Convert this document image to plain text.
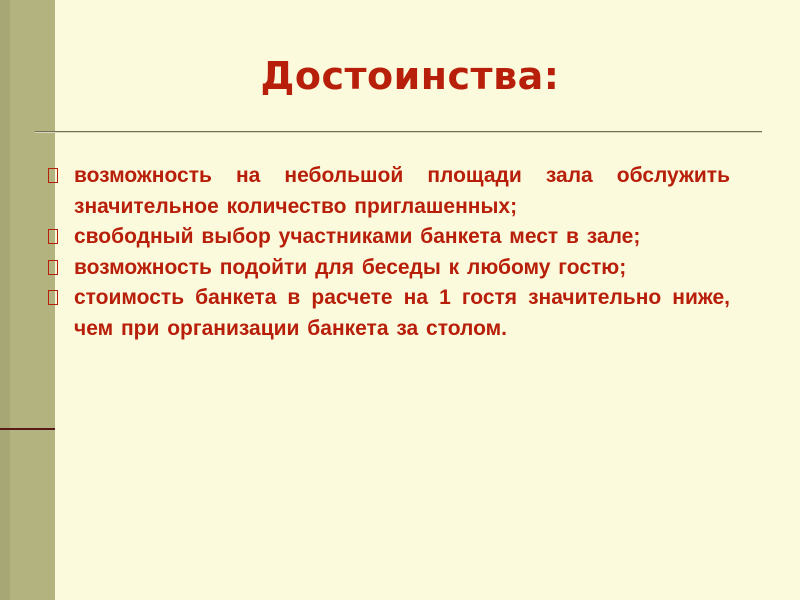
Достоинства:
возможность на небольшой площади зала обслужить значительное количество приглашенных;
свободный выбор участниками банкета мест в зале;
возможность подойти для беседы к любому гостю;
стоимость банкета в расчете на 1 гостя значительно ниже, чем при организации банкета за столом.
